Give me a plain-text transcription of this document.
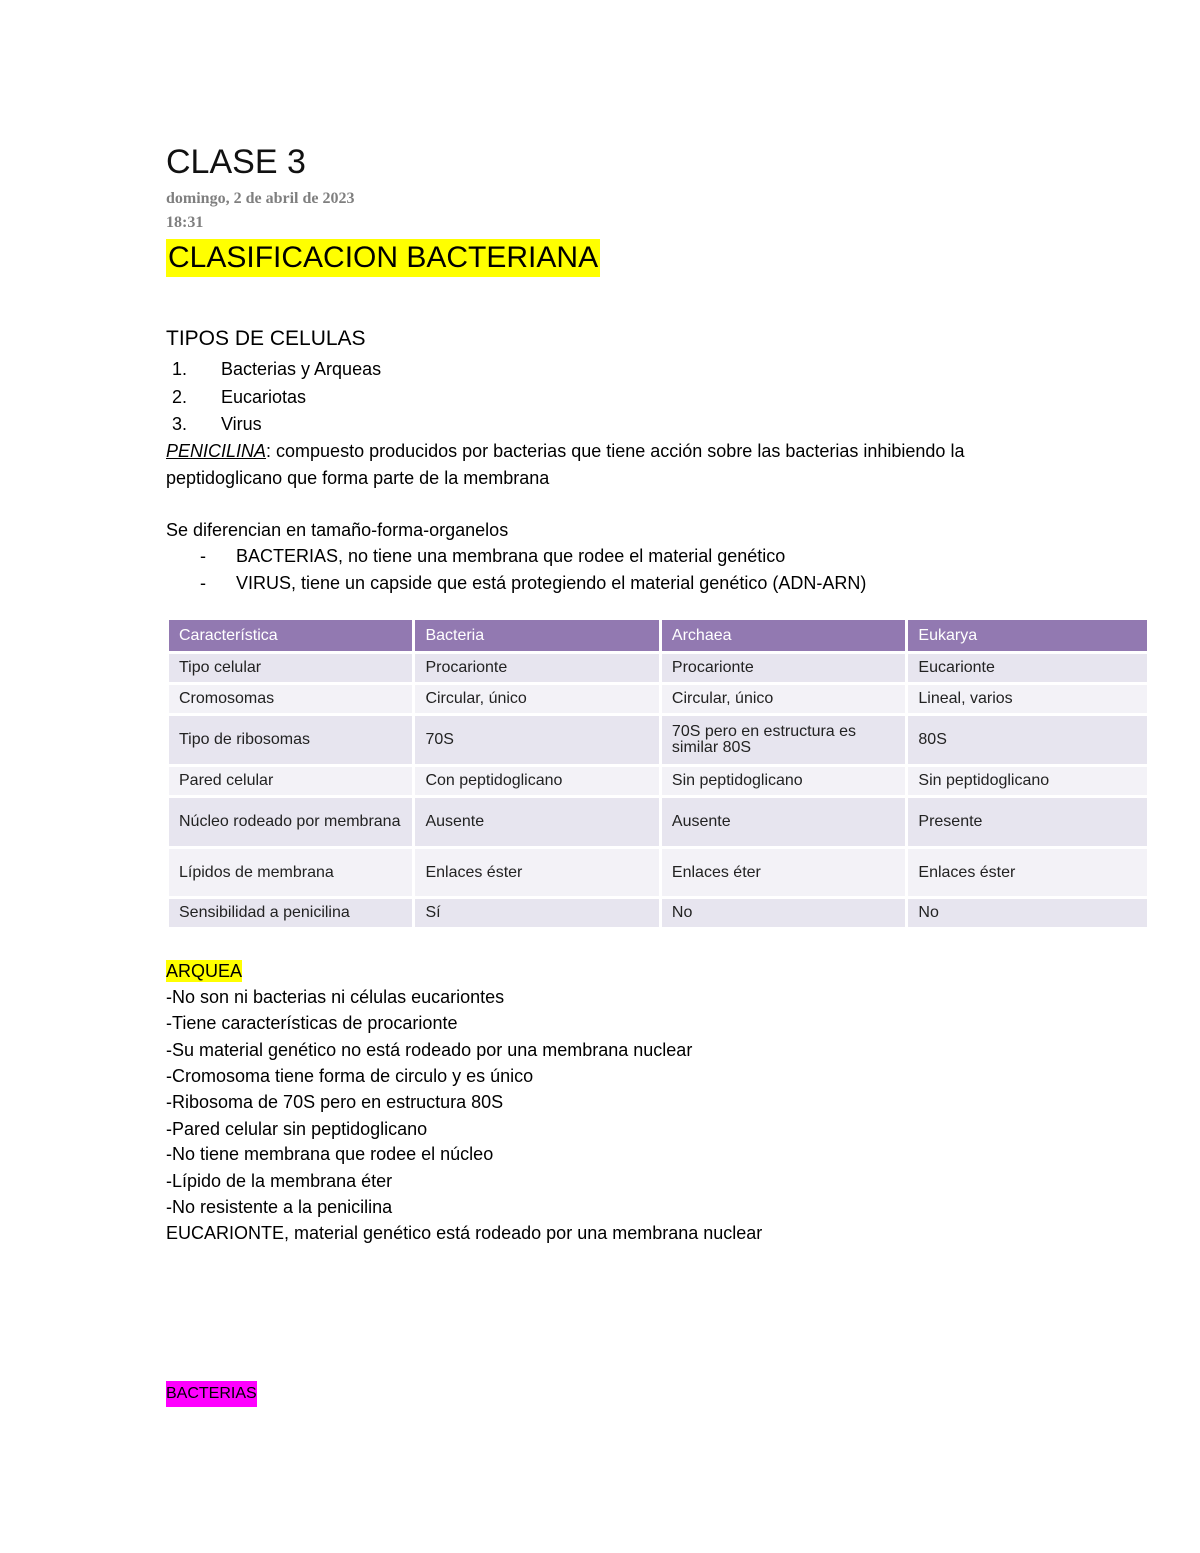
CLASE 3
domingo, 2 de abril de 2023
18:31
CLASIFICACION BACTERIANA
TIPOS DE CELULAS
1. Bacterias y Arqueas
2. Eucariotas
3. Virus
PENICILINA: compuesto producidos por bacterias que tiene acción sobre las bacterias inhibiendo la
peptidoglicano que forma parte de la membrana
Se diferencian en tamaño-forma-organelos
- BACTERIAS, no tiene una membrana que rodee el material genético
- VIRUS, tiene un capside que está protegiendo el material genético (ADN-ARN)
Característica	Bacteria	Archaea	Eukarya
Tipo celular	Procarionte	Procarionte	Eucarionte
Cromosomas	Circular, único	Circular, único	Lineal, varios
Tipo de ribosomas	70S	70S pero en estructura es similar 80S	80S
Pared celular	Con peptidoglicano	Sin peptidoglicano	Sin peptidoglicano
Núcleo rodeado por membrana	Ausente	Ausente	Presente
Lípidos de membrana	Enlaces éster	Enlaces éter	Enlaces éster
Sensibilidad a penicilina	Sí	No	No
ARQUEA
-No son ni bacterias ni células eucariontes
-Tiene características de procarionte
-Su material genético no está rodeado por una membrana nuclear
-Cromosoma tiene forma de circulo y es único
-Ribosoma de 70S pero en estructura 80S
-Pared celular sin peptidoglicano
-No tiene membrana que rodee el núcleo
-Lípido de la membrana éter
-No resistente a la penicilina
EUCARIONTE, material genético está rodeado por una membrana nuclear
BACTERIAS
